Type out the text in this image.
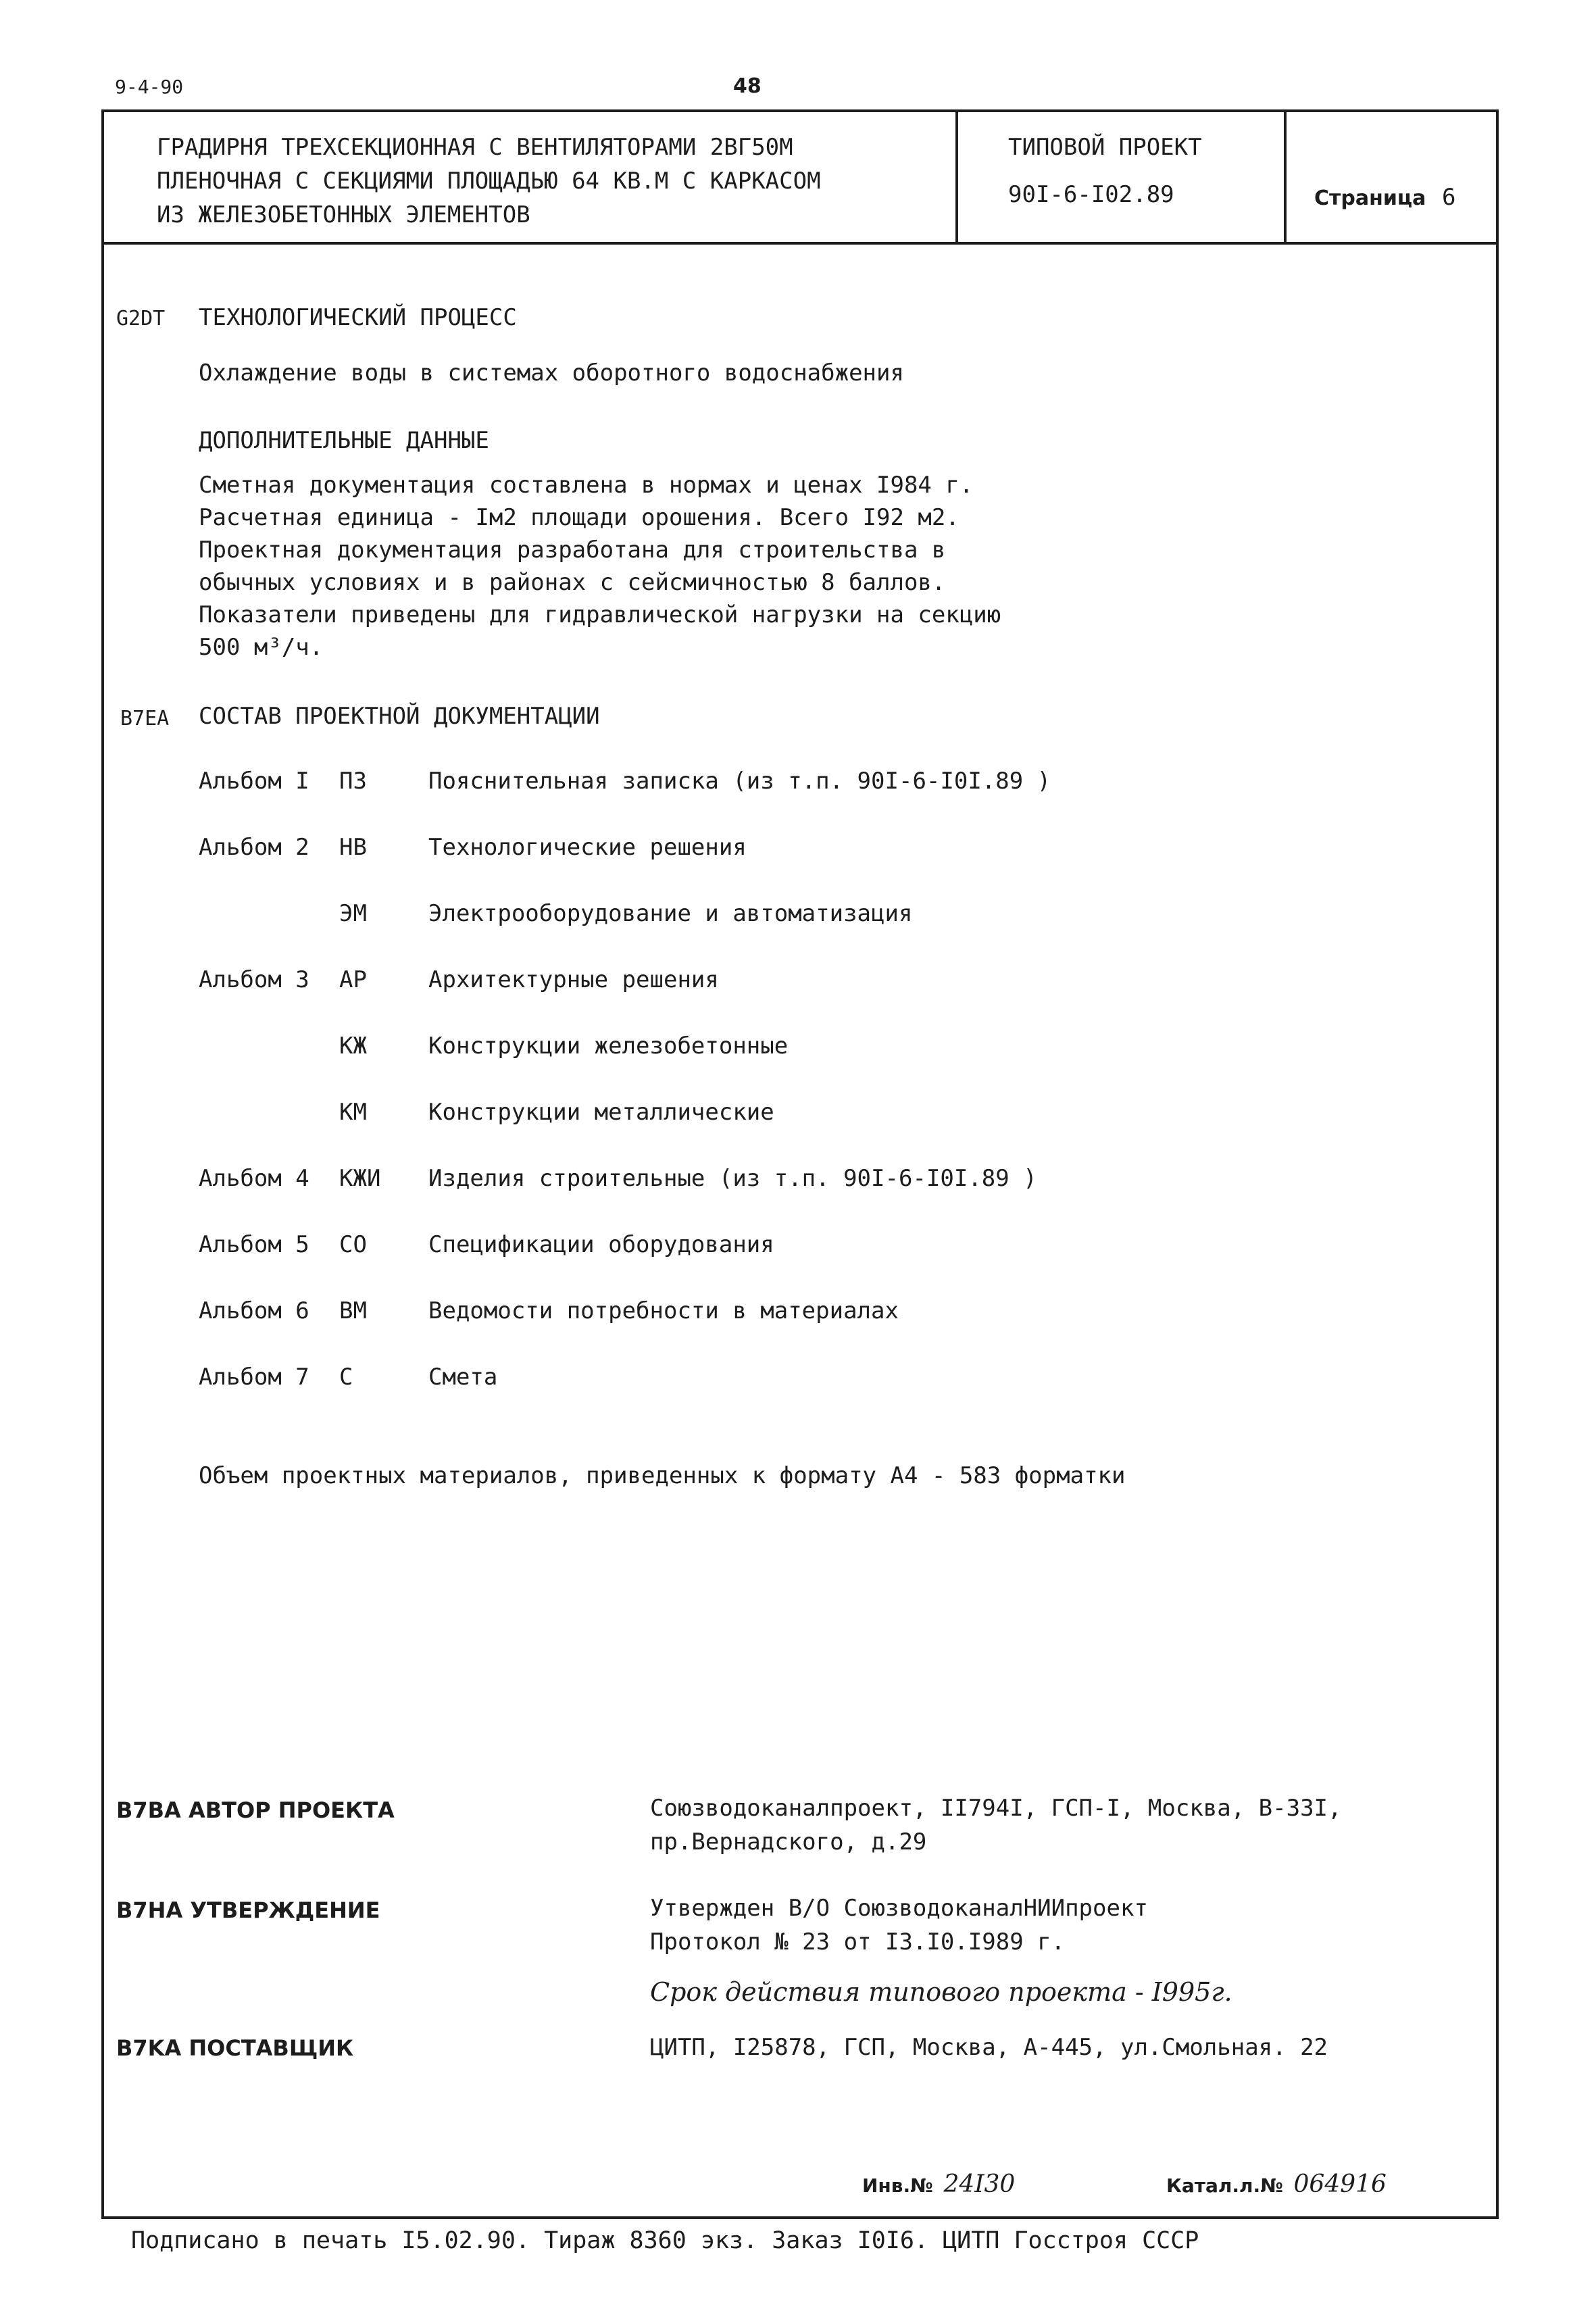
9-4-90	48
ГРАДИРНЯ ТРЕХСЕКЦИОННАЯ С ВЕНТИЛЯТОРАМИ 2ВГ50М
ПЛЕНОЧНАЯ С СЕКЦИЯМИ ПЛОЩАДЬЮ 64 КВ.М С КАРКАСОМ
ИЗ ЖЕЛЕЗОБЕТОННЫХ ЭЛЕМЕНТОВ
ТИПОВОЙ ПРОЕКТ
90I-6-I02.89	Страница 6
G2DT ТЕХНОЛОГИЧЕСКИЙ ПРОЦЕСС
Охлаждение воды в системах оборотного водоснабжения
ДОПОЛНИТЕЛЬНЫЕ ДАННЫЕ
Сметная документация составлена в нормах и ценах I984 г.
Расчетная единица - Iм2 площади орошения. Всего I92 м2.
Проектная документация разработана для строительства в
обычных условиях и в районах с сейсмичностью 8 баллов.
Показатели приведены для гидравлической нагрузки на секцию
500 м³/ч.
B7EA СОСТАВ ПРОЕКТНОЙ ДОКУМЕНТАЦИИ
Альбом I ПЗ	Пояснительная записка (из т.п. 90I-6-I0I.89 )
Альбом 2 НВ	Технологические решения
ЭМ	Электрооборудование и автоматизация
Альбом 3 АР	Архитектурные решения
КЖ	Конструкции железобетонные
КМ	Конструкции металлические
Альбом 4 КЖИ Изделия строительные (из т.п. 90I-6-I0I.89 )
Альбом 5 СО	Спецификации оборудования
Альбом 6 ВМ	Ведомости потребности в материалах
Альбом 7 С	Смета
Объем проектных материалов, приведенных к формату А4 - 583 форматки
B7BA АВТОР ПРОЕКТА	Союзводоканалпроект, II794I, ГСП-I, Москва, В-33I,
пр.Вернадского, д.29
B7HA УТВЕРЖДЕНИЕ	Утвержден В/О СоюзводоканалНИИпроект
Протокол № 23 от I3.I0.I989 г.
Срок действия типового проекта - I995г.
B7KA ПОСТАВЩИК	ЦИТП, I25878, ГСП, Москва, А-445, ул.Смольная. 22
Инв.№ 24I30	Катал.л.№ 064916
Подписано в печать I5.02.90. Тираж 8360 экз. Заказ I0I6. ЦИТП Госстроя СССР
